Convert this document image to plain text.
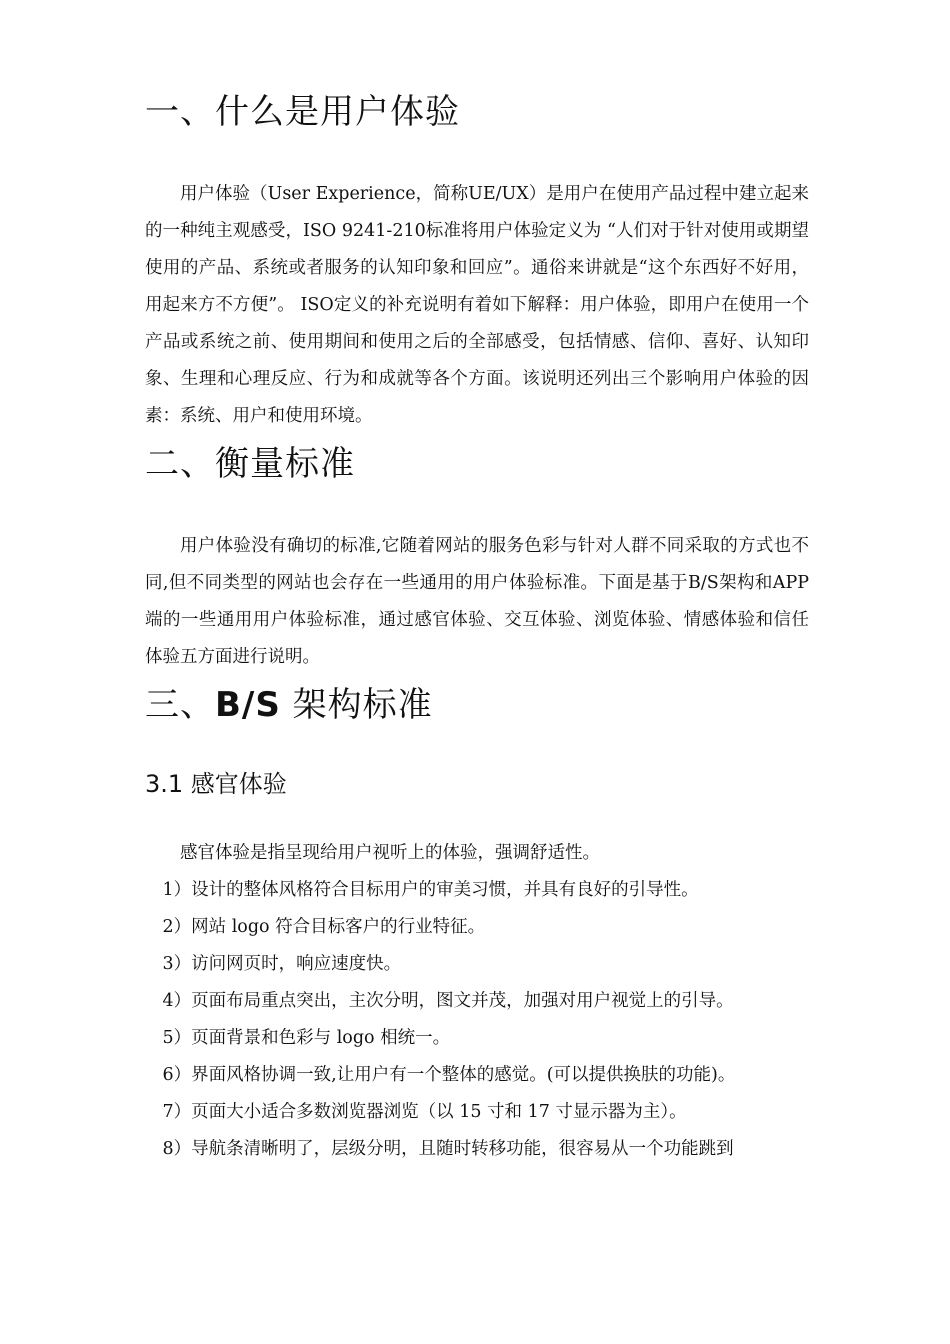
一、什么是用户体验

用户体验（User Experience，简称UE/UX）是用户在使用产品过程中建立起来的一种纯主观感受，ISO 9241-210标准将用户体验定义为 “人们对于针对使用或期望使用的产品、系统或者服务的认知印象和回应”。通俗来讲就是“这个东西好不好用，用起来方不方便”。 ISO定义的补充说明有着如下解释：用户体验，即用户在使用一个产品或系统之前、使用期间和使用之后的全部感受，包括情感、信仰、喜好、认知印象、生理和心理反应、行为和成就等各个方面。该说明还列出三个影响用户体验的因素：系统、用户和使用环境。

二、衡量标准

用户体验没有确切的标准,它随着网站的服务色彩与针对人群不同采取的方式也不同,但不同类型的网站也会存在一些通用的用户体验标准。下面是基于B/S架构和APP端的一些通用用户体验标准，通过感官体验、交互体验、浏览体验、情感体验和信任体验五方面进行说明。

三、B/S 架构标准
3.1 感官体验

感官体验是指呈现给用户视听上的体验，强调舒适性。

1）设计的整体风格符合目标用户的审美习惯，并具有良好的引导性。

2）网站 logo 符合目标客户的行业特征。

3）访问网页时，响应速度快。

4）页面布局重点突出，主次分明，图文并茂，加强对用户视觉上的引导。

5）页面背景和色彩与 logo 相统一。

6）界面风格协调一致,让用户有一个整体的感觉。(可以提供换肤的功能)。

7）页面大小适合多数浏览器浏览（以 15 寸和 17 寸显示器为主）。

8）导航条清晰明了，层级分明，且随时转移功能，很容易从一个功能跳到
